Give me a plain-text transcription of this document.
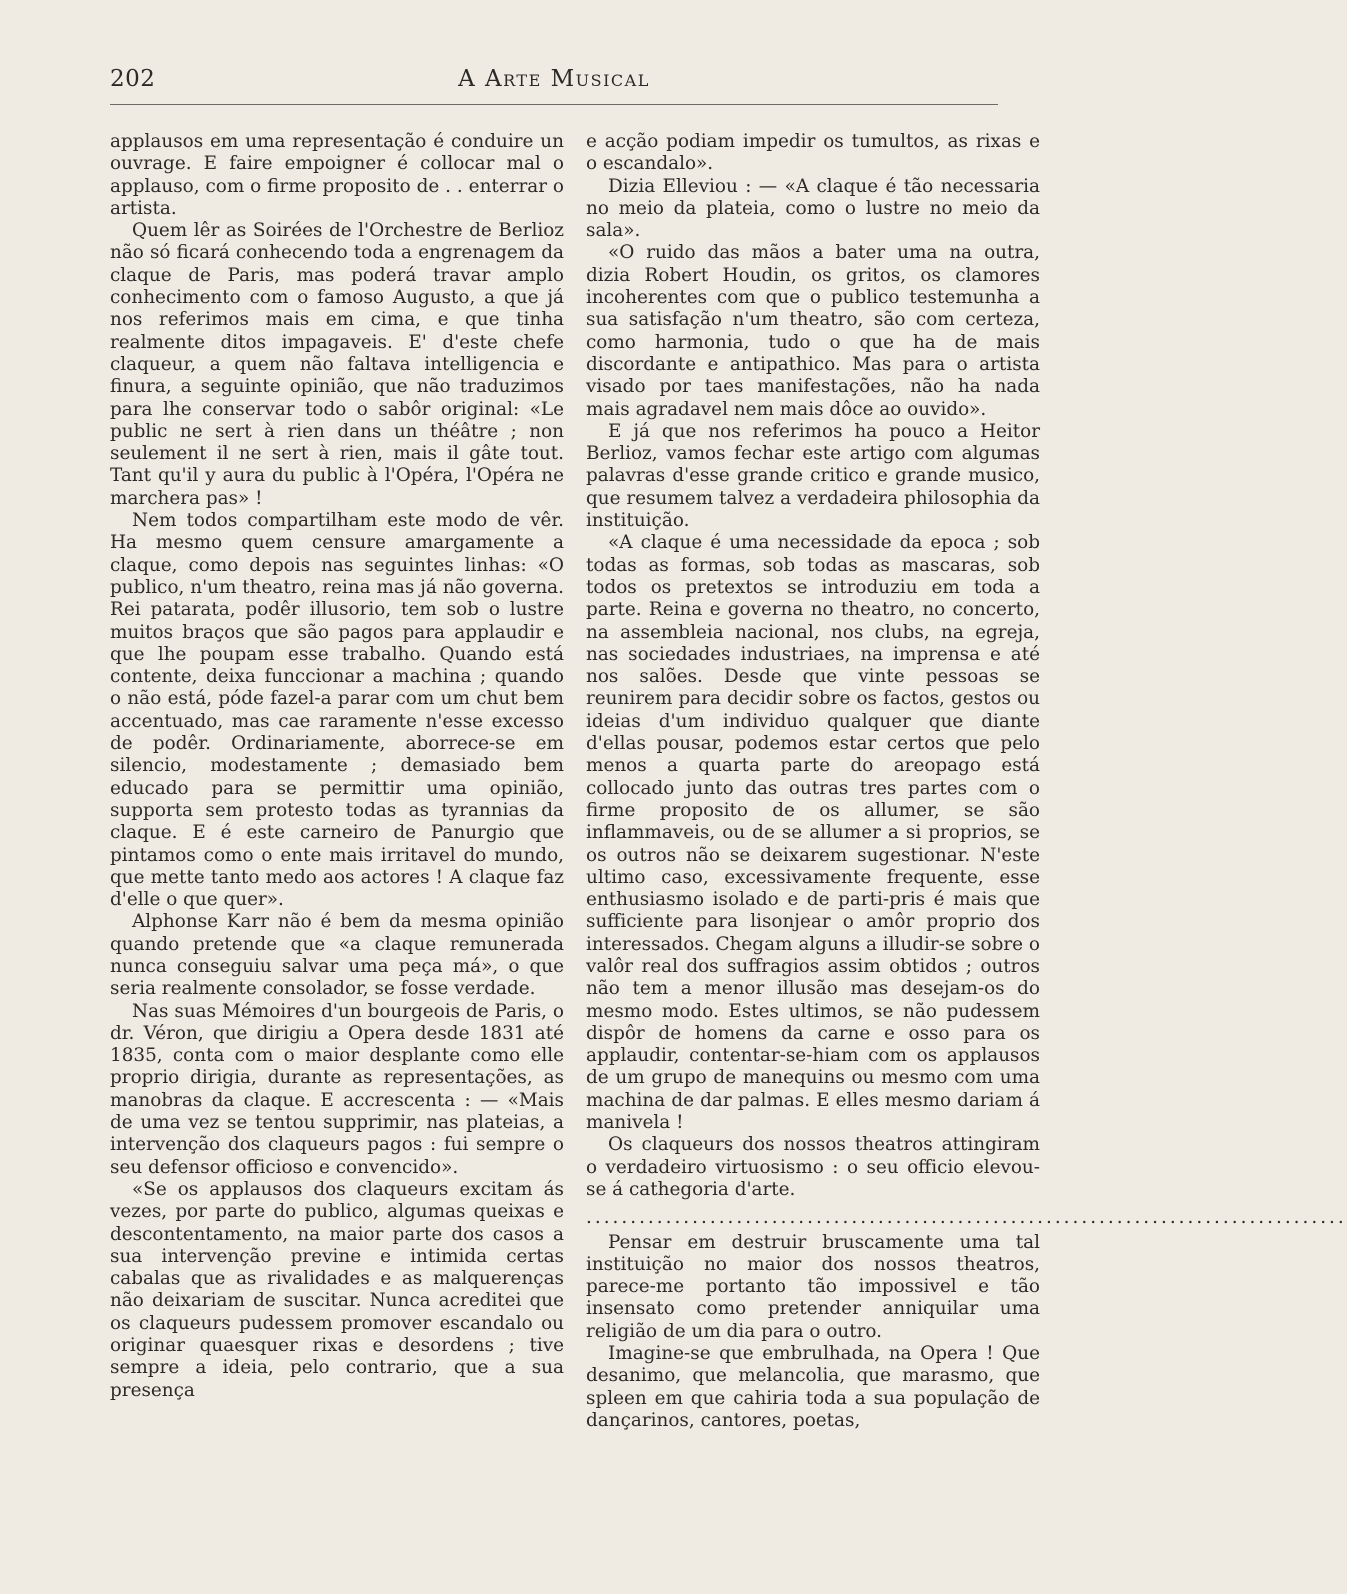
202	A Arte Musical

applausos em uma representação é conduire un ouvrage. E faire empoigner é collocar mal o applauso, com o firme proposito de . . enterrar o artista.

Quem lêr as Soirées de l'Orchestre de Berlioz não só ficará conhecendo toda a engrenagem da claque de Paris, mas poderá travar amplo conhecimento com o famoso Augusto, a que já nos referimos mais em cima, e que tinha realmente ditos impagaveis. E' d'este chefe claqueur, a quem não faltava intelligencia e finura, a seguinte opinião, que não traduzimos para lhe conservar todo o sabôr original: «Le public ne sert à rien dans un théâtre ; non seulement il ne sert à rien, mais il gâte tout. Tant qu'il y aura du public à l'Opéra, l'Opéra ne marchera pas» !

Nem todos compartilham este modo de vêr. Ha mesmo quem censure amargamente a claque, como depois nas seguintes linhas: «O publico, n'um theatro, reina mas já não governa. Rei patarata, podêr illusorio, tem sob o lustre muitos braços que são pagos para applaudir e que lhe poupam esse trabalho. Quando está contente, deixa funccionar a machina ; quando o não está, póde fazel-a parar com um chut bem accentuado, mas cae raramente n'esse excesso de podêr. Ordinariamente, aborrece-se em silencio, modestamente ; demasiado bem educado para se permittir uma opinião, supporta sem protesto todas as tyrannias da claque. E é este carneiro de Panurgio que pintamos como o ente mais irritavel do mundo, que mette tanto medo aos actores ! A claque faz d'elle o que quer».

Alphonse Karr não é bem da mesma opinião quando pretende que «a claque remunerada nunca conseguiu salvar uma peça má», o que seria realmente consolador, se fosse verdade.

Nas suas Mémoires d'un bourgeois de Paris, o dr. Véron, que dirigiu a Opera desde 1831 até 1835, conta com o maior desplante como elle proprio dirigia, durante as representações, as manobras da claque. E accrescenta : — «Mais de uma vez se tentou supprimir, nas plateias, a intervenção dos claqueurs pagos : fui sempre o seu defensor officioso e convencido».

«Se os applausos dos claqueurs excitam ás vezes, por parte do publico, algumas queixas e descontentamento, na maior parte dos casos a sua intervenção previne e intimida certas cabalas que as rivalidades e as malquerenças não deixariam de suscitar. Nunca acreditei que os claqueurs pudessem promover escandalo ou originar quaesquer rixas e desordens ; tive sempre a ideia, pelo contrario, que a sua presença

e acção podiam impedir os tumultos, as rixas e o escandalo».

Dizia Elleviou : — «A claque é tão necessaria no meio da plateia, como o lustre no meio da sala».

«O ruido das mãos a bater uma na outra, dizia Robert Houdin, os gritos, os clamores incoherentes com que o publico testemunha a sua satisfação n'um theatro, são com certeza, como harmonia, tudo o que ha de mais discordante e antipathico. Mas para o artista visado por taes manifestações, não ha nada mais agradavel nem mais dôce ao ouvido».

E já que nos referimos ha pouco a Heitor Berlioz, vamos fechar este artigo com algumas palavras d'esse grande critico e grande musico, que resumem talvez a verdadeira philosophia da instituição.

«A claque é uma necessidade da epoca ; sob todas as formas, sob todas as mascaras, sob todos os pretextos se introduziu em toda a parte. Reina e governa no theatro, no concerto, na assembleia nacional, nos clubs, na egreja, nas sociedades industriaes, na imprensa e até nos salões. Desde que vinte pessoas se reunirem para decidir sobre os factos, gestos ou ideias d'um individuo qualquer que diante d'ellas pousar, podemos estar certos que pelo menos a quarta parte do areopago está collocado junto das outras tres partes com o firme proposito de os allumer, se são inflammaveis, ou de se allumer a si proprios, se os outros não se deixarem sugestionar. N'este ultimo caso, excessivamente frequente, esse enthusiasmo isolado e de parti-pris é mais que sufficiente para lisonjear o amôr proprio dos interessados. Chegam alguns a illudir-se sobre o valôr real dos suffragios assim obtidos ; outros não tem a menor illusão mas desejam-os do mesmo modo. Estes ultimos, se não pudessem dispôr de homens da carne e osso para os applaudir, contentar-se-hiam com os applausos de um grupo de manequins ou mesmo com uma machina de dar palmas. E elles mesmo dariam á manivela !

Os claqueurs dos nossos theatros attingiram o verdadeiro virtuosismo : o seu officio elevou-se á cathegoria d'arte.

......................................................................................

Pensar em destruir bruscamente uma tal instituição no maior dos nossos theatros, parece-me portanto tão impossivel e tão insensato como pretender anniquilar uma religião de um dia para o outro.

Imagine-se que embrulhada, na Opera ! Que desanimo, que melancolia, que marasmo, que spleen em que cahiria toda a sua população de dançarinos, cantores, poetas,
